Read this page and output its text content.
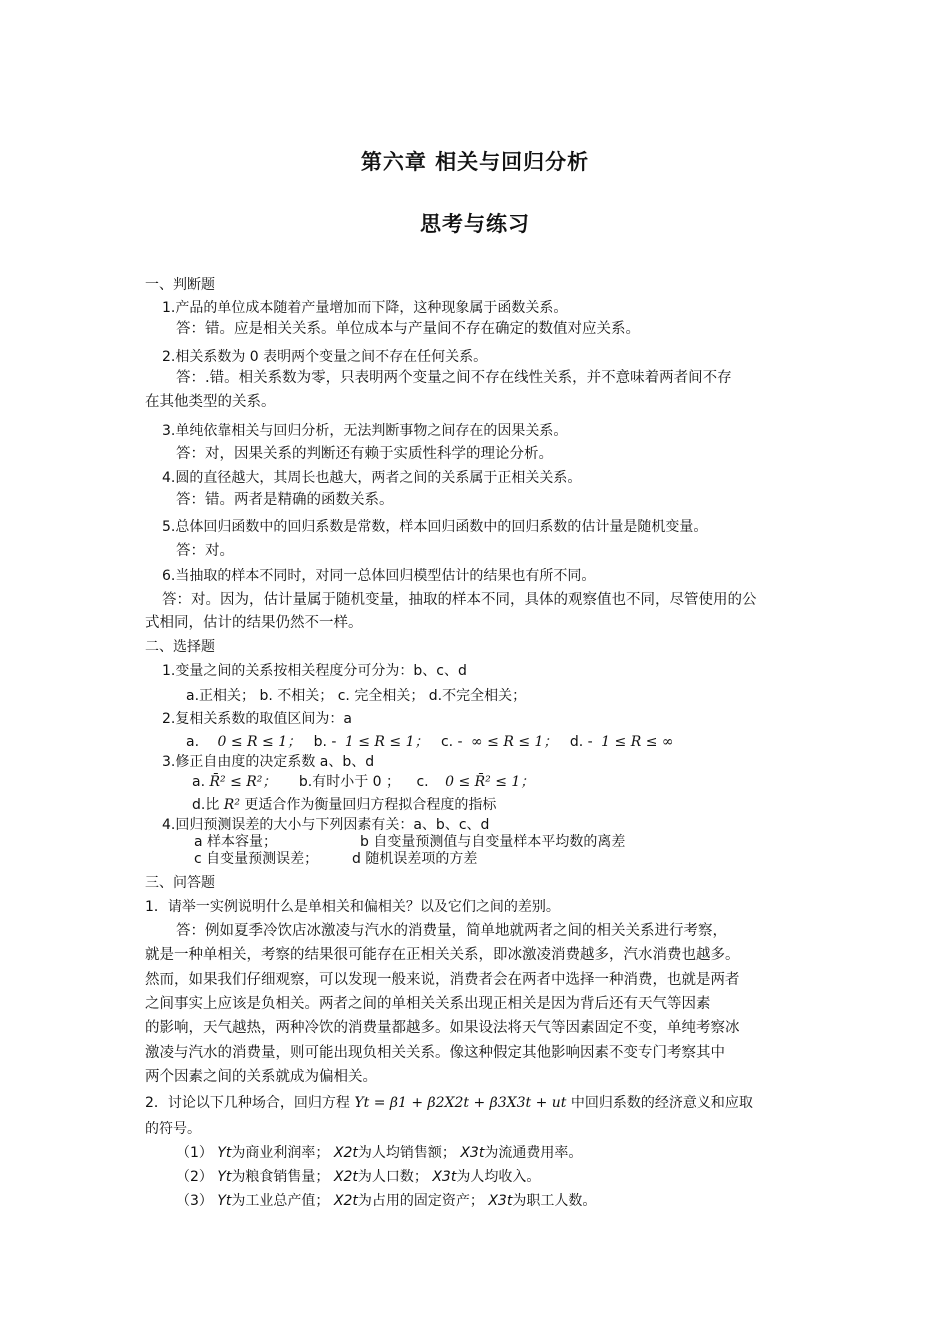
第六章 相关与回归分析
思考与练习
一、判断题
1.产品的单位成本随着产量增加而下降，这种现象属于函数关系。
答：错。应是相关关系。单位成本与产量间不存在确定的数值对应关系。
2.相关系数为 0 表明两个变量之间不存在任何关系。
答：.错。相关系数为零，只表明两个变量之间不存在线性关系，并不意味着两者间不存
在其他类型的关系。
3.单纯依靠相关与回归分析，无法判断事物之间存在的因果关系。
答：对，因果关系的判断还有赖于实质性科学的理论分析。
4.圆的直径越大，其周长也越大，两者之间的关系属于正相关关系。
答：错。两者是精确的函数关系。
5.总体回归函数中的回归系数是常数，样本回归函数中的回归系数的估计量是随机变量。
答：对。
6.当抽取的样本不同时，对同一总体回归模型估计的结果也有所不同。
答：对。因为，估计量属于随机变量，抽取的样本不同，具体的观察值也不同，尽管使用的公
式相同，估计的结果仍然不一样。
二、选择题
1.变量之间的关系按相关程度分可分为：b、c、d
a.正相关； b. 不相关； c. 完全相关； d.不完全相关；
2.复相关系数的取值区间为：a
a. 0 ≤ R ≤ 1； b. - 1 ≤ R ≤ 1； c. - ∞ ≤ R ≤ 1； d. - 1 ≤ R ≤ ∞
3.修正自由度的决定系数 a、b、d
a. R̄² ≤ R²； b.有时小于 0 ； c. 0 ≤ R̄² ≤ 1；
d.比 R² 更适合作为衡量回归方程拟合程度的指标
4.回归预测误差的大小与下列因素有关：a、b、c、d
a 样本容量；	b 自变量预测值与自变量样本平均数的离差
c 自变量预测误差； d 随机误差项的方差
三、问答题
1．请举一实例说明什么是单相关和偏相关？以及它们之间的差别。
答：例如夏季冷饮店冰激凌与汽水的消费量，简单地就两者之间的相关关系进行考察，
就是一种单相关，考察的结果很可能存在正相关关系，即冰激凌消费越多，汽水消费也越多。
然而，如果我们仔细观察，可以发现一般来说，消费者会在两者中选择一种消费，也就是两者
之间事实上应该是负相关。两者之间的单相关关系出现正相关是因为背后还有天气等因素
的影响，天气越热，两种冷饮的消费量都越多。如果设法将天气等因素固定不变，单纯考察冰
激凌与汽水的消费量，则可能出现负相关关系。像这种假定其他影响因素不变专门考察其中
两个因素之间的关系就成为偏相关。
2．讨论以下几种场合，回归方程 Yt = β1 + β2X2t + β3X3t + ut 中回归系数的经济意义和应取
的符号。
（1） Yt为商业利润率； X2t为人均销售额； X3t为流通费用率。
（2） Yt为粮食销售量； X2t为人口数； X3t为人均收入。
（3） Yt为工业总产值； X2t为占用的固定资产； X3t为职工人数。
